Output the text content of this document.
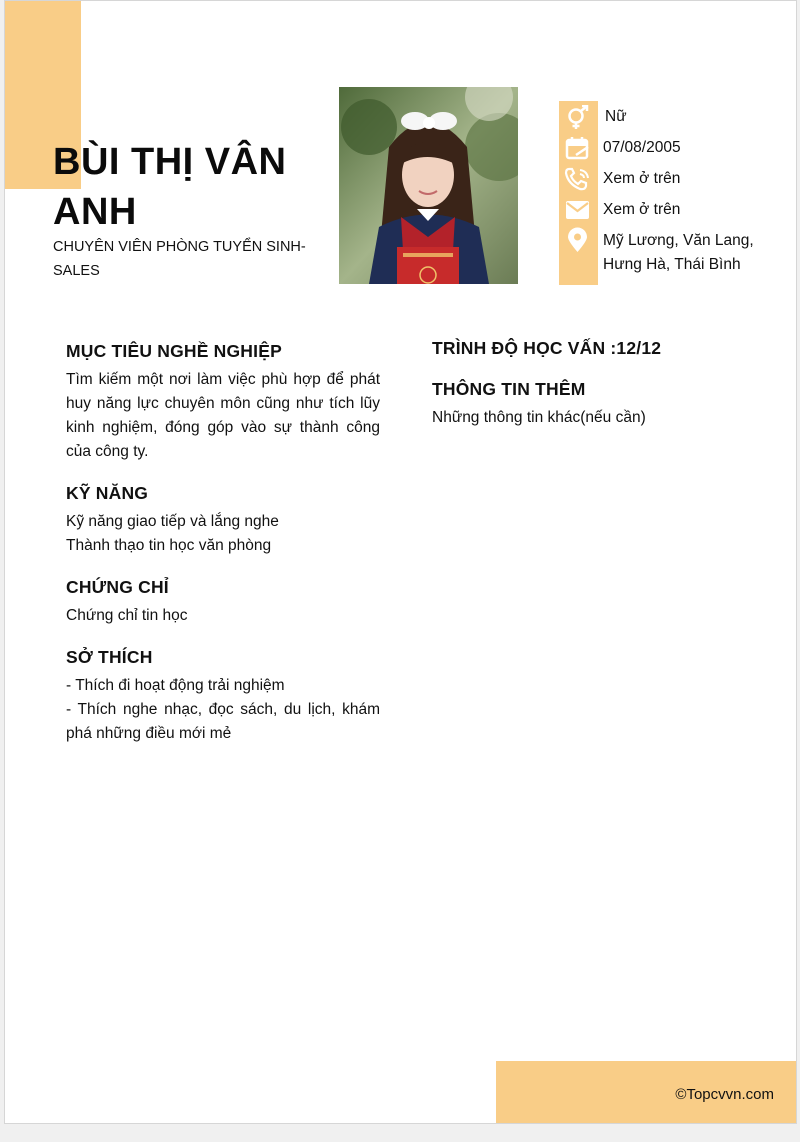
BÙI THỊ VÂN ANH
CHUYÊN VIÊN PHÒNG TUYỂN SINH-SALES
Nữ
07/08/2005
Xem ở trên
Xem ở trên
Mỹ Lương, Văn Lang,
Hưng Hà, Thái Bình
MỤC TIÊU NGHỀ NGHIỆP
Tìm kiếm một nơi làm việc phù hợp để phát huy năng lực chuyên môn cũng như tích lũy kinh nghiệm, đóng góp vào sự thành công của công ty.
KỸ NĂNG
Kỹ năng giao tiếp và lắng nghe
Thành thạo tin học văn phòng
CHỨNG CHỈ
Chứng chỉ tin học
SỞ THÍCH
- Thích đi hoạt động trải nghiệm
- Thích nghe nhạc, đọc sách, du lịch, khám phá những điều mới mẻ
TRÌNH ĐỘ HỌC VẤN :12/12
THÔNG TIN THÊM
Những thông tin khác(nếu cần)
©Topcvvn.com
